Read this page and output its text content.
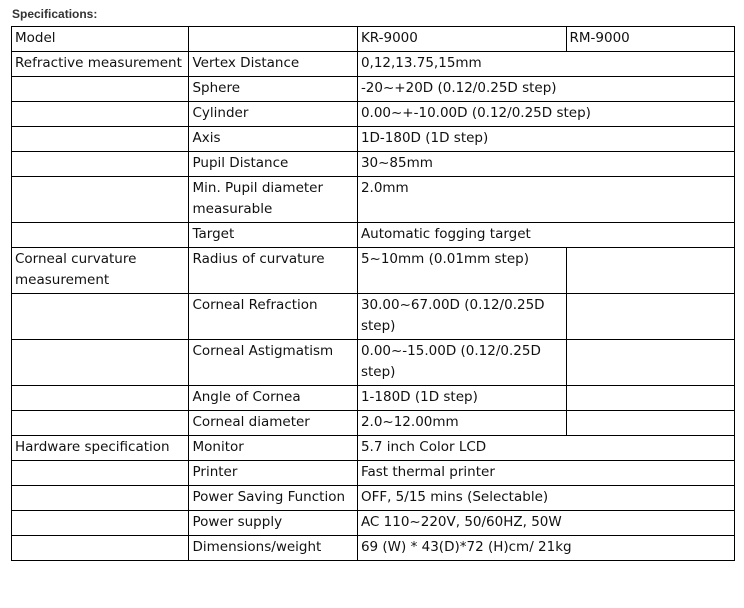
Specifications:
Model		KR-9000	RM-9000
Refractive measurement	Vertex Distance	0,12,13.75,15mm	
	Sphere	-20~+20D (0.12/0.25D step)	
	Cylinder	0.00~+-10.00D (0.12/0.25D step)	
	Axis	1D-180D (1D step)	
	Pupil Distance	30~85mm	
	Min. Pupil diameter measurable	2.0mm	
	Target	Automatic fogging target	
Corneal curvature measurement	Radius of curvature	5~10mm (0.01mm step)	
	Corneal Refraction	30.00~67.00D (0.12/0.25D step)	
	Corneal Astigmatism	0.00~-15.00D (0.12/0.25D step)	
	Angle of Cornea	1-180D (1D step)	
	Corneal diameter	2.0~12.00mm	
Hardware specification	Monitor	5.7 inch Color LCD	
	Printer	Fast thermal printer	
	Power Saving Function	OFF, 5/15 mins (Selectable)	
	Power supply	AC 110~220V, 50/60HZ, 50W	
	Dimensions/weight	69 (W) * 43(D)*72 (H)cm/ 21kg	
